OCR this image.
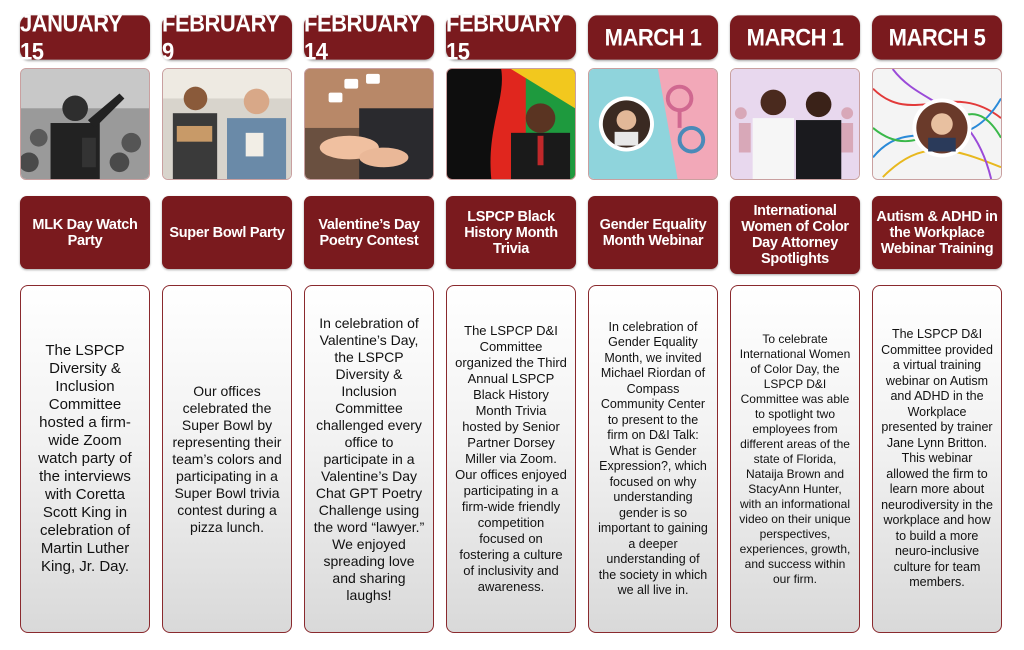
JANUARY 15
MLK Day Watch Party
The LSPCP Diversity & Inclusion Committee hosted a firm-wide Zoom watch party of the interviews with Coretta Scott King in celebration of Martin Luther King, Jr. Day.
FEBRUARY 9
Super Bowl Party
Our offices celebrated the Super Bowl by representing their team’s colors and participating in a Super Bowl trivia contest during a pizza lunch.
FEBRUARY 14
Valentine’s Day Poetry Contest
In celebration of Valentine’s Day, the LSPCP Diversity & Inclusion Committee challenged every office to participate in a Valentine’s Day Chat GPT Poetry Challenge using the word “lawyer.” We enjoyed spreading love and sharing laughs!
FEBRUARY 15
LSPCP Black History Month Trivia
The LSPCP D&I Committee organized the Third Annual LSPCP Black History Month Trivia hosted by Senior Partner Dorsey Miller via Zoom. Our offices enjoyed participating in a firm-wide friendly competition focused on fostering a culture of inclusivity and awareness.
MARCH 1
Gender Equality Month Webinar
In celebration of Gender Equality Month, we invited Michael Riordan of Compass Community Center to present to the firm on D&I Talk: What is Gender Expression?, which focused on why understanding gender is so important to gaining a deeper understanding of the society in which we all live in.
MARCH 1
International Women of Color Day Attorney Spotlights
To celebrate International Women of Color Day, the LSPCP D&I Committee was able to spotlight two employees from different areas of the state of Florida, Nataija Brown and StacyAnn Hunter, with an informational video on their unique perspectives, experiences, growth, and success within our firm.
MARCH 5
Autism & ADHD in the Workplace Webinar Training
The LSPCP D&I Committee provided a virtual training webinar on Autism and ADHD in the Workplace presented by trainer Jane Lynn Britton. This webinar allowed the firm to learn more about neurodiversity in the workplace and how to build a more neuro-inclusive culture for team members.
